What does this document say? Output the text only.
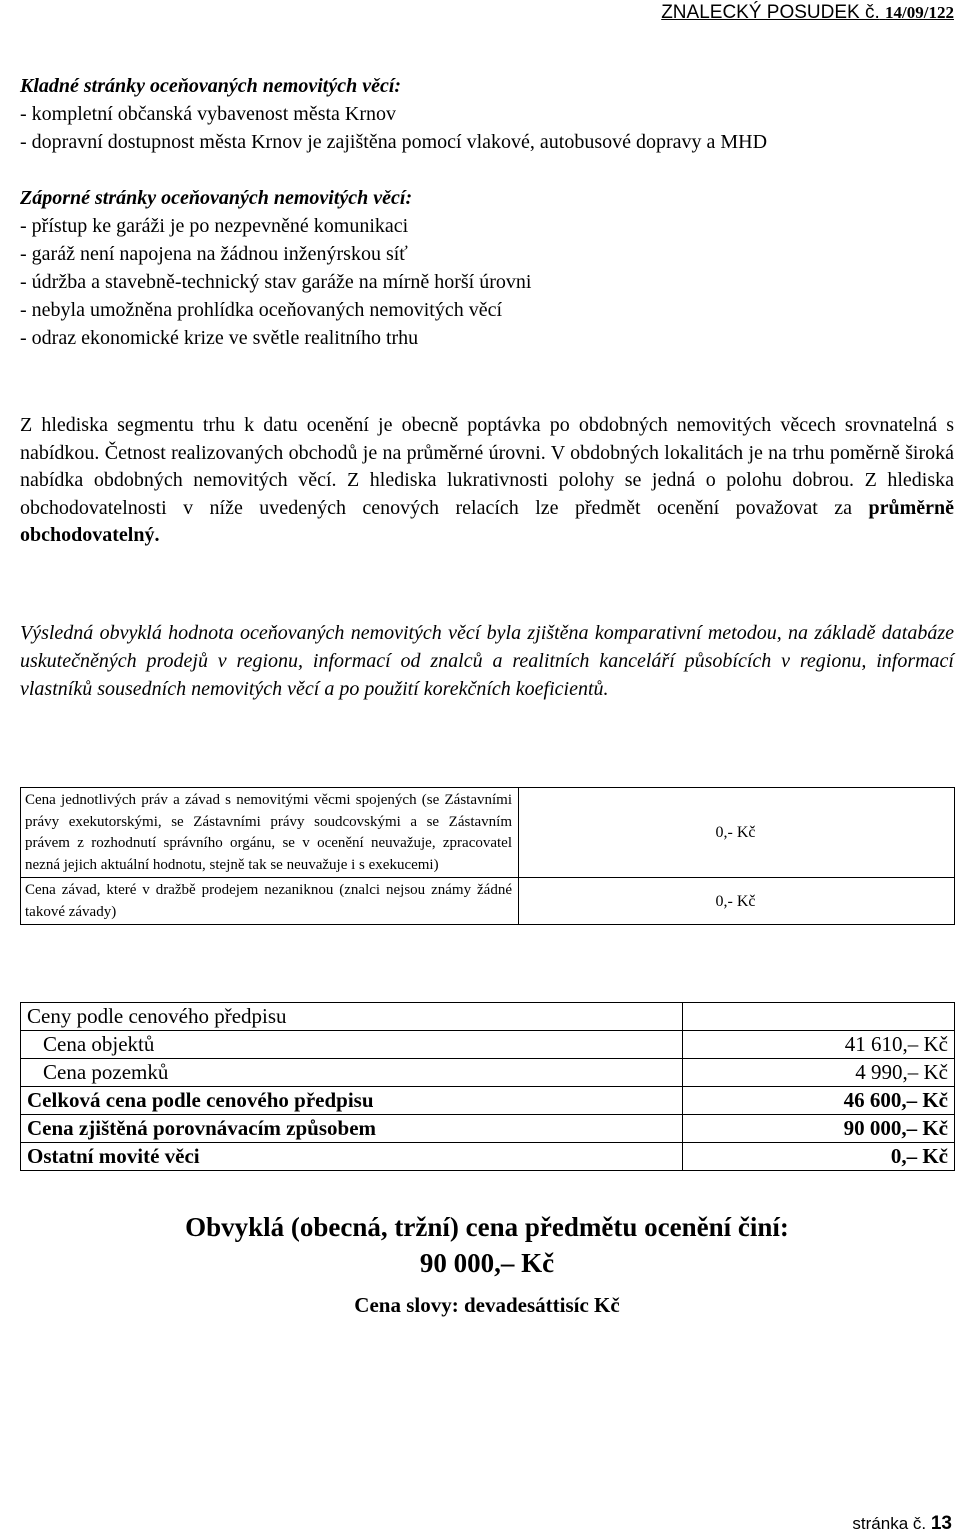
ZNALECKÝ POSUDEK č. 14/09/122

Kladné stránky oceňovaných nemovitých věcí:

- kompletní občanská vybavenost města Krnov
- dopravní dostupnost města Krnov je zajištěna pomocí vlakové, autobusové dopravy a MHD

Záporné stránky oceňovaných nemovitých věcí:

- přístup ke garáži je po nezpevněné komunikaci
- garáž není napojena na žádnou inženýrskou síť
- údržba a stavebně-technický stav garáže na mírně horší úrovni
- nebyla umožněna prohlídka oceňovaných nemovitých věcí
- odraz ekonomické krize ve světle realitního trhu

Z hlediska segmentu trhu k datu ocenění je obecně poptávka po obdobných nemovitých věcech srovnatelná s nabídkou. Četnost realizovaných obchodů je na průměrné úrovni. V obdobných lokalitách je na trhu poměrně široká nabídka obdobných nemovitých věcí. Z hlediska lukrativnosti polohy se jedná o polohu dobrou. Z hlediska obchodovatelnosti v níže uvedených cenových relacích lze předmět ocenění považovat za průměrně obchodovatelný.

Výsledná obvyklá hodnota oceňovaných nemovitých věcí byla zjištěna komparativní metodou, na základě databáze uskutečněných prodejů v regionu, informací od znalců a realitních kanceláří působících v regionu, informací vlastníků sousedních nemovitých věcí a po použití korekčních koeficientů.

Cena jednotlivých práv a závad s nemovitými věcmi spojených (se Zástavními právy exekutorskými, se Zástavními právy soudcovskými a se Zástavním právem z rozhodnutí správního orgánu, se v ocenění neuvažuje, zpracovatel nezná jejich aktuální hodnotu, stejně tak se neuvažuje i s exekucemi)	0,- Kč
Cena závad, které v dražbě prodejem nezaniknou (znalci nejsou známy žádné takové závady)	0,- Kč
Ceny podle cenového předpisu	
Cena objektů	41 610,– Kč
Cena pozemků	4 990,– Kč
Celková cena podle cenového předpisu	46 600,– Kč
Cena zjištěná porovnávacím způsobem	90 000,– Kč
Ostatní movité věci	0,– Kč
Obvyklá (obecná, tržní) cena předmětu ocenění činí:
90 000,– Kč
Cena slovy: devadesáttisíc Kč
stránka č. 13
